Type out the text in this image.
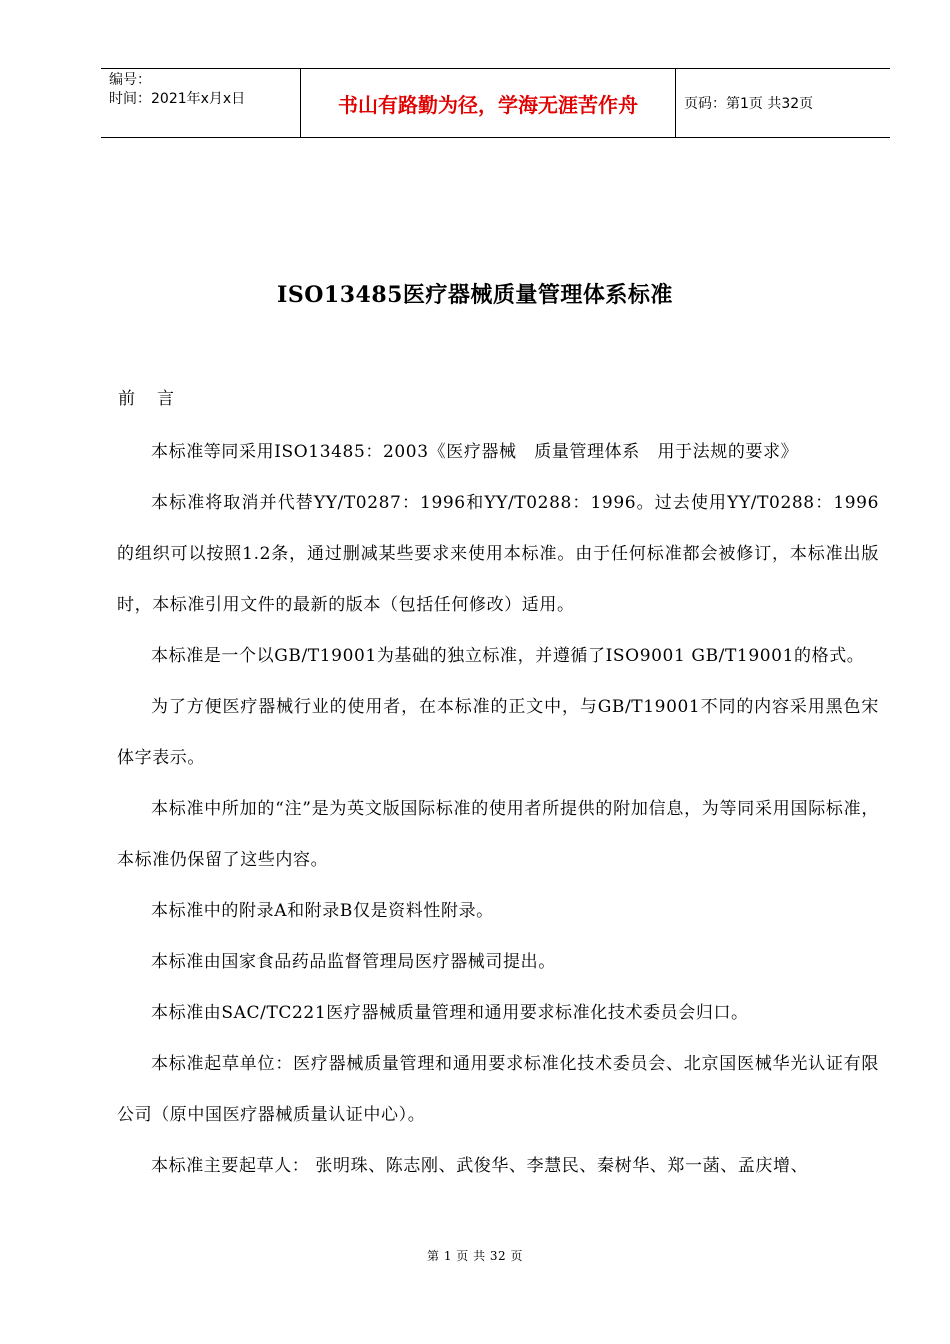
编号：
时间：2021年x月x日	书山有路勤为径，学海无涯苦作舟	页码：第1页 共32页
ISO13485医疗器械质量管理体系标准
前 言

本标准等同采用ISO13485：2003《医疗器械　质量管理体系　用于法规的要求》

本标准将取消并代替YY/T0287：1996和YY/T0288：1996。过去使用YY/T0288：1996的组织可以按照1.2条，通过删减某些要求来使用本标准。由于任何标准都会被修订，本标准出版时，本标准引用文件的最新的版本（包括任何修改）适用。

本标准是一个以GB/T19001为基础的独立标准，并遵循了ISO9001 GB/T19001的格式。

为了方便医疗器械行业的使用者，在本标准的正文中，与GB/T19001不同的内容采用黑色宋体字表示。

本标准中所加的“注”是为英文版国际标准的使用者所提供的附加信息，为等同采用国际标准，本标准仍保留了这些内容。

本标准中的附录A和附录B仅是资料性附录。

本标准由国家食品药品监督管理局医疗器械司提出。

本标准由SAC/TC221医疗器械质量管理和通用要求标准化技术委员会归口。

本标准起草单位：医疗器械质量管理和通用要求标准化技术委员会、北京国医械华光认证有限公司（原中国医疗器械质量认证中心）。

本标准主要起草人： 张明珠、陈志刚、武俊华、李慧民、秦树华、郑一菡、孟庆增、

第 1 页 共 32 页
